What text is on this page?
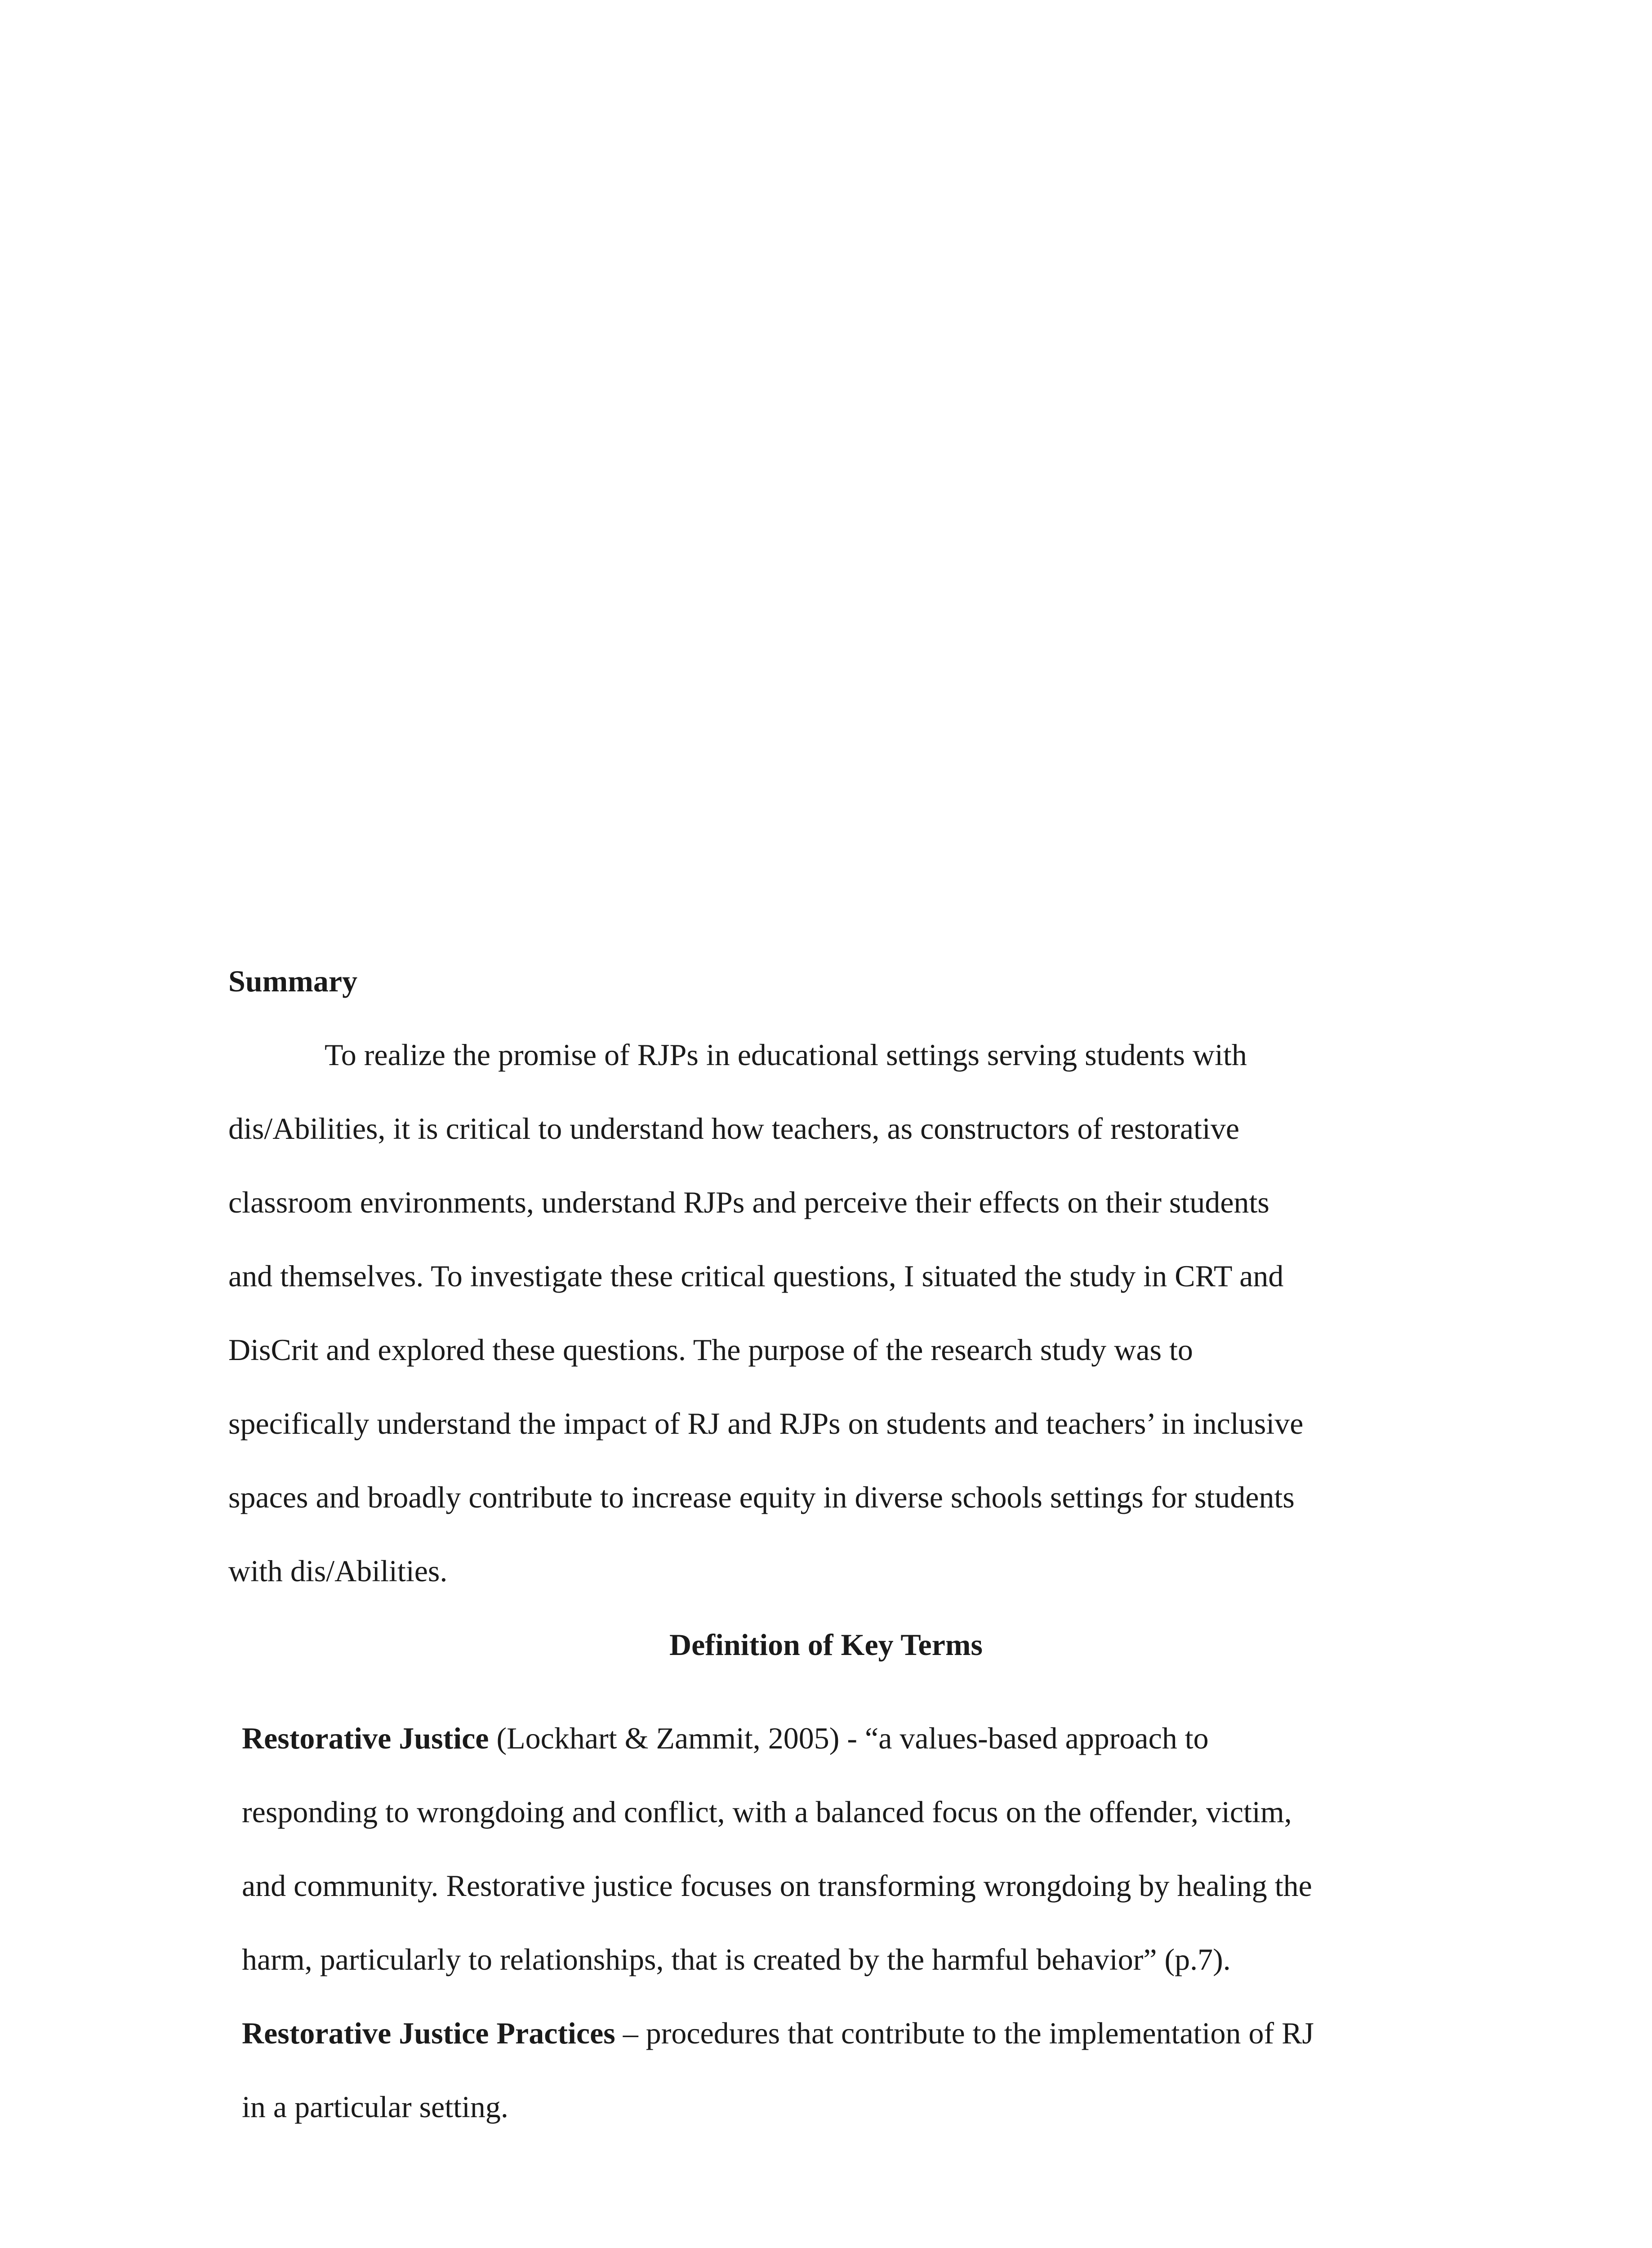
Summary

To realize the promise of RJPs in educational settings serving students with

dis/Abilities, it is critical to understand how teachers, as constructors of restorative

classroom environments, understand RJPs and perceive their effects on their students

and themselves. To investigate these critical questions, I situated the study in CRT and

DisCrit and explored these questions. The purpose of the research study was to

specifically understand the impact of RJ and RJPs on students and teachers’ in inclusive

spaces and broadly contribute to increase equity in diverse schools settings for students

with dis/Abilities.

Definition of Key Terms

Restorative Justice (Lockhart & Zammit, 2005) - “a values-based approach to

responding to wrongdoing and conflict, with a balanced focus on the offender, victim,

and community. Restorative justice focuses on transforming wrongdoing by healing the

harm, particularly to relationships, that is created by the harmful behavior” (p.7).

Restorative Justice Practices – procedures that contribute to the implementation of RJ

in a particular setting.
